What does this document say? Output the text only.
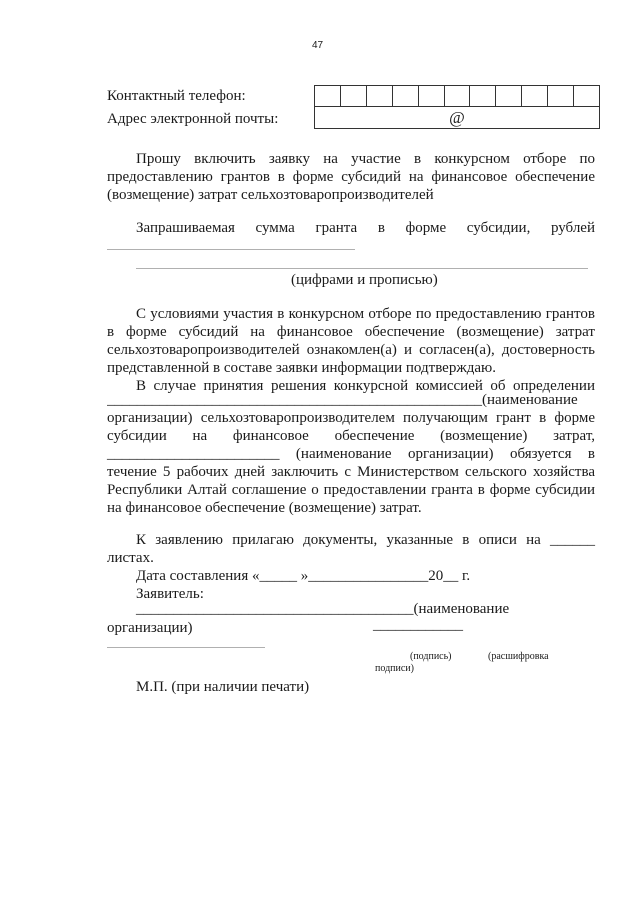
47
Контактный телефон:
Адрес электронной почты:	@
Прошу включить заявку на участие в конкурсном отборе по
предоставлению грантов в форме субсидий на финансовое обеспечение
(возмещение) затрат сельхозтоваропроизводителей
Запрашиваемая сумма гранта в форме субсидии, рублей
(цифрами и прописью)
С условиями участия в конкурсном отборе по предоставлению грантов
в форме субсидий на финансовое обеспечение (возмещение) затрат
сельхозтоваропроизводителей ознакомлен(а) и согласен(а), достоверность
представленной в составе заявки информации подтверждаю.
В случае принятия решения конкурсной комиссией об определении
__________________________________________________(наименование
организации) сельхозтоваропроизводителем получающим грант в форме
субсидии на финансовое обеспечение (возмещение) затрат,
_______________________ (наименование организации) обязуется в
течение 5 рабочих дней заключить с Министерством сельского хозяйства
Республики Алтай соглашение о предоставлении гранта в форме субсидии
на финансовое обеспечение (возмещение) затрат.
К заявлению прилагаю документы, указанные в описи на ______
листах.
Дата составления «_____ »________________20__ г.
Заявитель:
_____________________________________(наименование
организации)	____________
(подпись)	(расшифровка
подписи)
М.П. (при наличии печати)
